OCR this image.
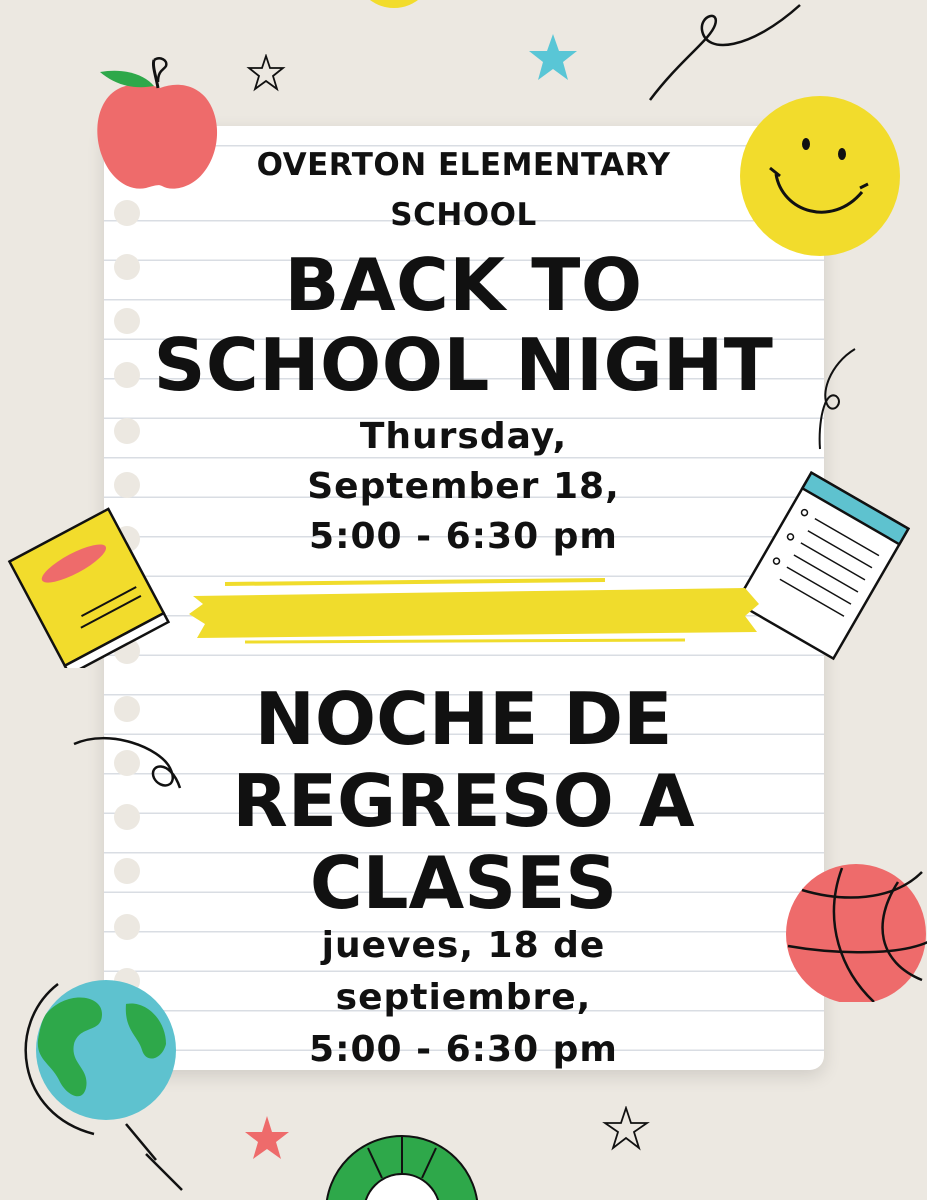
OVERTON ELEMENTARY
SCHOOL
BACK TO
SCHOOL NIGHT
Thursday,
September 18,
5:00 - 6:30 pm
NOCHE DE
REGRESO A
CLASES
jueves, 18 de
septiembre,
5:00 - 6:30 pm
